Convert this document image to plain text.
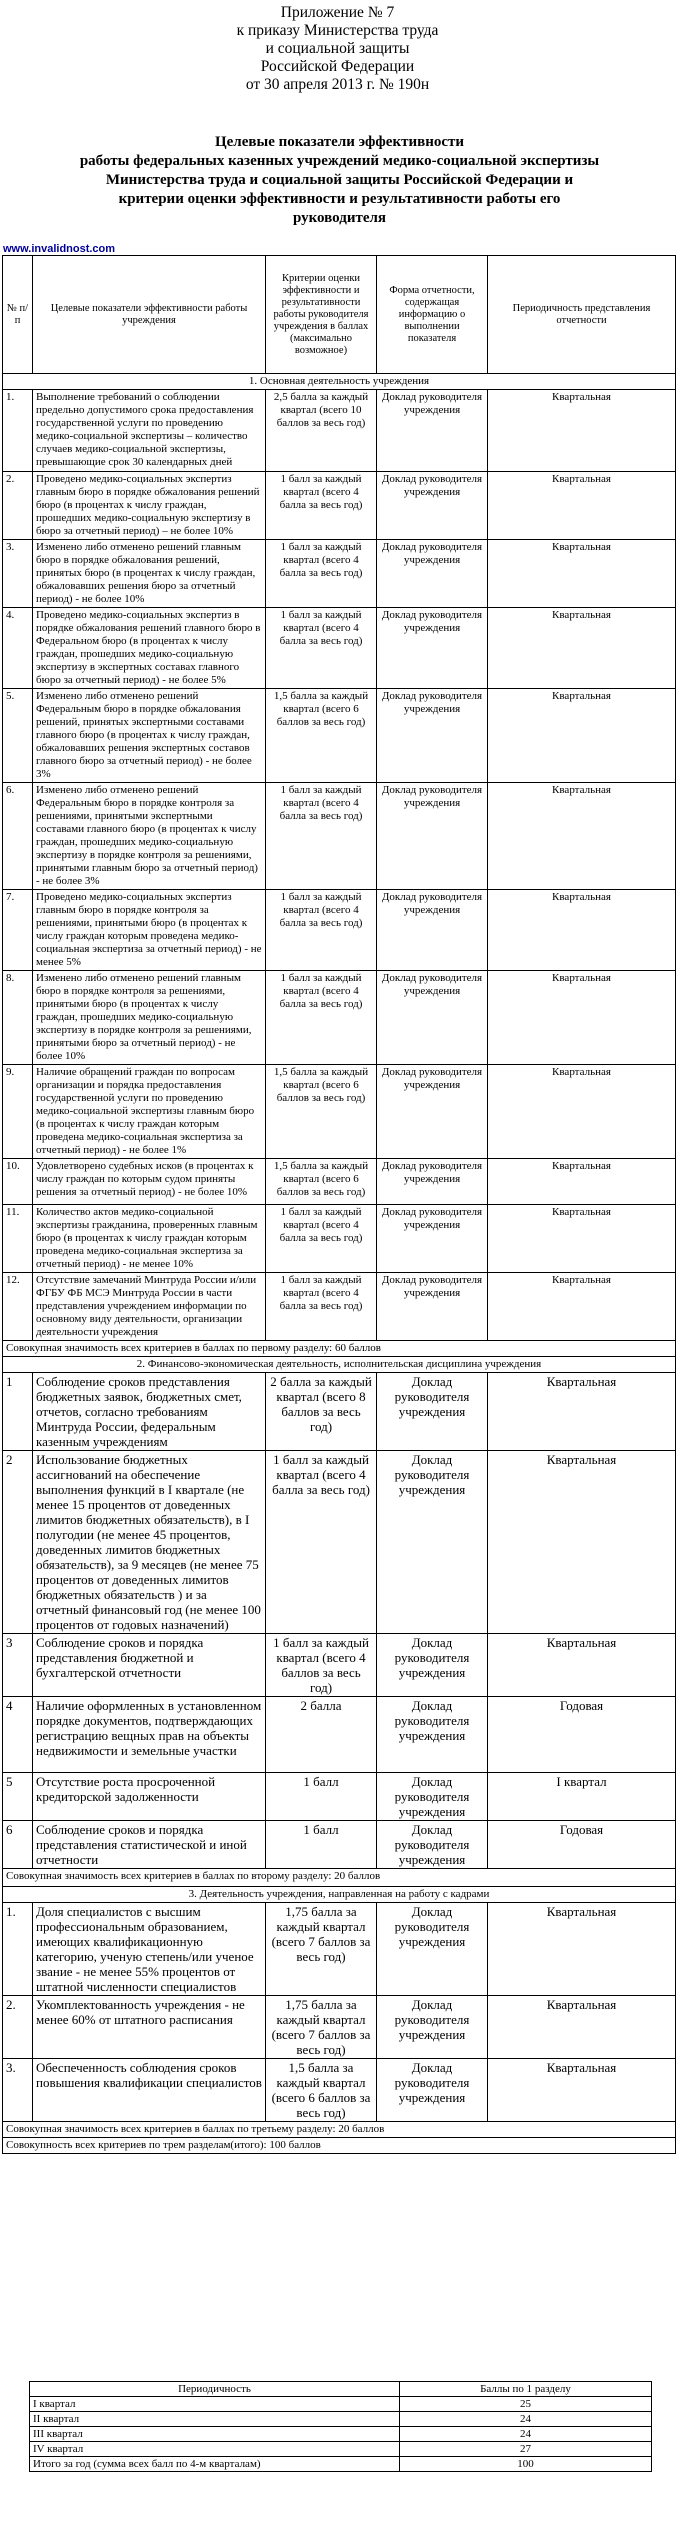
Приложение № 7
к приказу Министерства труда
и социальной защиты
Российской Федерации
от 30 апреля 2013 г. № 190н
Целевые показатели эффективности
работы федеральных казенных учреждений медико-социальной экспертизы
Министерства труда и социальной защиты Российской Федерации и
критерии оценки эффективности и результативности работы его
руководителя
www.invalidnost.com
№ п/п	Целевые показатели эффективности работы учреждения	Критерии оценки эффективности и результативности работы руководителя учреждения в баллах (максимально возможное)	Форма отчетности, содержащая информацию о выполнении показателя	Периодичность представления отчетности
1. Основная деятельность учреждения				
1.	Выполнение требований о соблюдении предельно допустимого срока предоставления государственной услуги по проведению медико-социальной экспертизы – количество случаев медико-социальной экспертизы, превышающие срок 30 календарных дней	2,5 балла за каждый квартал (всего 10 баллов за весь год)	Доклад руководителя учреждения	Квартальная
2.	Проведено медико-социальных экспертиз главным бюро в порядке обжалования решений бюро (в процентах к числу граждан, прошедших медико-социальную экспертизу в бюро за отчетный период) – не более 10%	1 балл за каждый квартал (всего 4 балла за весь год)	Доклад руководителя учреждения	Квартальная
3.	Изменено либо отменено решений главным бюро в порядке обжалования решений, принятых бюро (в процентах к числу граждан, обжаловавших решения бюро за отчетный период) - не более 10%	1 балл за каждый квартал (всего 4 балла за весь год)	Доклад руководителя учреждения	Квартальная
4.	Проведено медико-социальных экспертиз в порядке обжалования решений главного бюро в Федеральном бюро (в процентах к числу граждан, прошедших медико-социальную экспертизу в экспертных составах главного бюро за отчетный период) - не более 5%	1 балл за каждый квартал (всего 4 балла за весь год)	Доклад руководителя учреждения	Квартальная
5.	Изменено либо отменено решений Федеральным бюро в порядке обжалования решений, принятых экспертными составами главного бюро (в процентах к числу граждан, обжаловавших решения экспертных составов главного бюро за отчетный период) - не более 3%	1,5 балла за каждый квартал (всего 6 баллов за весь год)	Доклад руководителя учреждения	Квартальная
6.	Изменено либо отменено решений Федеральным бюро в порядке контроля за решениями, принятыми экспертными составами главного бюро (в процентах к числу граждан, прошедших медико-социальную экспертизу в порядке контроля за решениями, принятыми главным бюро за отчетный период) - не более 3%	1 балл за каждый квартал (всего 4 балла за весь год)	Доклад руководителя учреждения	Квартальная
7.	Проведено медико-социальных экспертиз главным бюро в порядке контроля за решениями, принятыми бюро (в процентах к числу граждан которым проведена медико-социальная экспертиза за отчетный период) - не менее 5%	1 балл за каждый квартал (всего 4 балла за весь год)	Доклад руководителя учреждения	Квартальная
8.	Изменено либо отменено решений главным бюро в порядке контроля за решениями, принятыми бюро (в процентах к числу граждан, прошедших медико-социальную экспертизу в порядке контроля за решениями, принятыми бюро за отчетный период) - не более 10%	1 балл за каждый квартал (всего 4 балла за весь год)	Доклад руководителя учреждения	Квартальная
9.	Наличие обращений граждан по вопросам организации и порядка предоставления государственной услуги по проведению медико-социальной экспертизы главным бюро (в процентах к числу граждан которым проведена медико-социальная экспертиза за отчетный период) - не более 1%	1,5 балла за каждый квартал (всего 6 баллов за весь год)	Доклад руководителя учреждения	Квартальная
10.	Удовлетворено судебных исков (в процентах к числу граждан по которым судом приняты решения за отчетный период) - не более 10%	1,5 балла за каждый квартал (всего 6 баллов за весь год)	Доклад руководителя учреждения	Квартальная
11.	Количество актов медико-социальной экспертизы гражданина, проверенных главным бюро (в процентах к числу граждан которым проведена медико-социальная экспертиза за отчетный период) - не менее 10%	1 балл за каждый квартал (всего 4 балла за весь год)	Доклад руководителя учреждения	Квартальная
12.	Отсутствие замечаний Минтруда России и/или ФГБУ ФБ МСЭ Минтруда России в части представления учреждением информации по основному виду деятельности, организации деятельности учреждения	1 балл за каждый квартал (всего 4 балла за весь год)	Доклад руководителя учреждения	Квартальная
Совокупная значимость всех критериев в баллах по первому разделу: 60 баллов				
2. Финансово-экономическая деятельность, исполнительская дисциплина учреждения				
1	Соблюдение сроков представления бюджетных заявок, бюджетных смет, отчетов, согласно требованиям Минтруда России, федеральным казенным учреждениям	2 балла за каждый квартал (всего 8 баллов за весь год)	Доклад руководителя учреждения	Квартальная
2	Использование бюджетных ассигнований на обеспечение выполнения функций в I квартале (не менее 15 процентов от доведенных лимитов бюджетных обязательств), в I полугодии (не менее 45 процентов, доведенных лимитов бюджетных обязательств), за 9 месяцев (не менее 75 процентов от доведенных лимитов бюджетных обязательств ) и за отчетный финансовый год (не менее 100 процентов от годовых назначений)	1 балл за каждый квартал (всего 4 балла за весь год)	Доклад руководителя учреждения	Квартальная
3	Соблюдение сроков и порядка представления бюджетной и бухгалтерской отчетности	1 балл за каждый квартал (всего 4 баллов за весь год)	Доклад руководителя учреждения	Квартальная
4	Наличие оформленных в установленном порядке документов, подтверждающих регистрацию вещных прав на объекты недвижимости и земельные участки	2 балла	Доклад руководителя учреждения	Годовая
5	Отсутствие роста просроченной кредиторской задолженности	1 балл	Доклад руководителя учреждения	I квартал
6	Соблюдение сроков и порядка представления статистической и иной отчетности	1 балл	Доклад руководителя учреждения	Годовая
Совокупная значимость всех критериев в баллах по второму разделу: 20 баллов				
3. Деятельность учреждения, направленная на работу с кадрами				
1.	Доля специалистов с высшим профессиональным образованием, имеющих квалификационную категорию, ученую степень/или ученое звание - не менее 55% процентов от штатной численности специалистов	1,75 балла за каждый квартал (всего 7 баллов за весь год)	Доклад руководителя учреждения	Квартальная
2.	Укомплектованность учреждения - не менее 60% от штатного расписания	1,75 балла за каждый квартал (всего 7 баллов за весь год)	Доклад руководителя учреждения	Квартальная
3.	Обеспеченность соблюдения сроков повышения квалификации специалистов	1,5 балла за каждый квартал (всего 6 баллов за весь год)	Доклад руководителя учреждения	Квартальная
Совокупная значимость всех критериев в баллах по третьему разделу: 20 баллов				
Совокупность всех критериев по трем разделам(итого): 100 баллов				
Периодичность	Баллы по 1 разделу
I квартал	25
II квартал	24
III квартал	24
IV квартал	27
Итого за год (сумма всех балл по 4-м кварталам)	100
